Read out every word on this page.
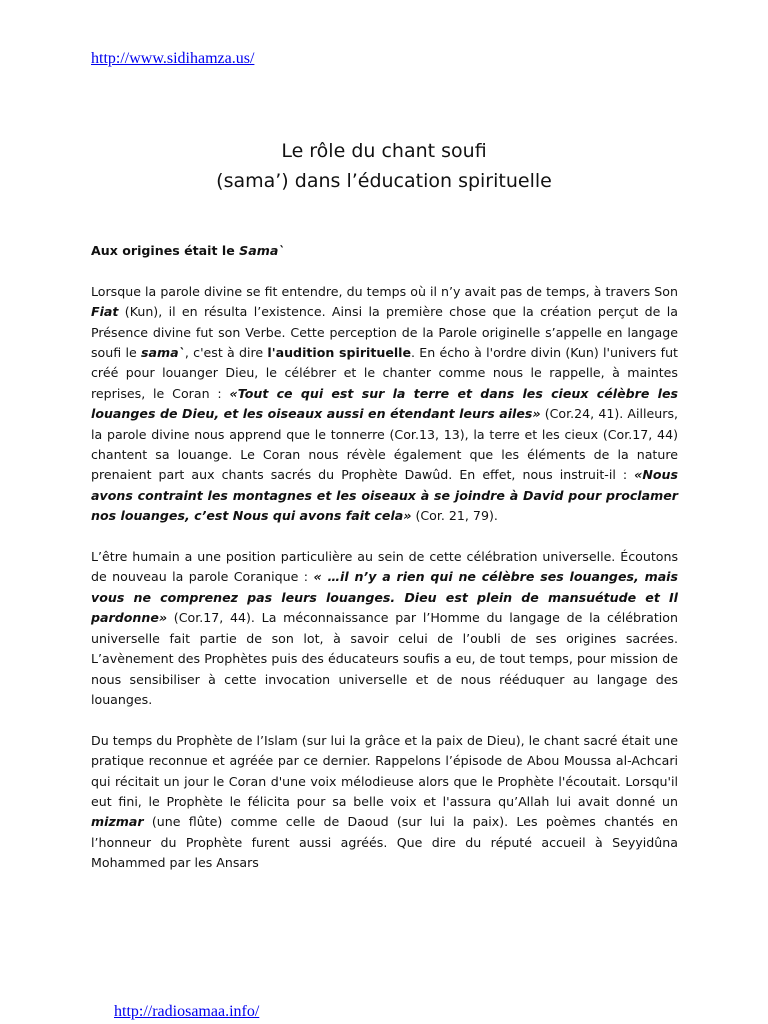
http://www.sidihamza.us/
Le rôle du chant soufi
(sama’) dans l’éducation spirituelle
Aux origines était le Sama`

Lorsque la parole divine se fit entendre, du temps où il n’y avait pas de temps, à travers Son Fiat (Kun), il en résulta l’existence. Ainsi la première chose que la création perçut de la Présence divine fut son Verbe. Cette perception de la Parole originelle s’appelle en langage soufi le sama`, c'est à dire l'audition spirituelle. En écho à l'ordre divin (Kun) l'univers fut créé pour louanger Dieu, le célébrer et le chanter comme nous le rappelle, à maintes reprises, le Coran : «Tout ce qui est sur la terre et dans les cieux célèbre les louanges de Dieu, et les oiseaux aussi en étendant leurs ailes» (Cor.24, 41). Ailleurs, la parole divine nous apprend que le tonnerre (Cor.13, 13), la terre et les cieux (Cor.17, 44) chantent sa louange. Le Coran nous révèle également que les éléments de la nature prenaient part aux chants sacrés du Prophète Dawûd. En effet, nous instruit-il : «Nous avons contraint les montagnes et les oiseaux à se joindre à David pour proclamer nos louanges, c’est Nous qui avons fait cela» (Cor. 21, 79).

L’être humain a une position particulière au sein de cette célébration universelle. Écoutons de nouveau la parole Coranique : « …il n’y a rien qui ne célèbre ses louanges, mais vous ne comprenez pas leurs louanges. Dieu est plein de mansuétude et Il pardonne» (Cor.17, 44). La méconnaissance par l’Homme du langage de la célébration universelle fait partie de son lot, à savoir celui de l’oubli de ses origines sacrées. L’avènement des Prophètes puis des éducateurs soufis a eu, de tout temps, pour mission de nous sensibiliser à cette invocation universelle et de nous rééduquer au langage des louanges.

Du temps du Prophète de l’Islam (sur lui la grâce et la paix de Dieu), le chant sacré était une pratique reconnue et agréée par ce dernier. Rappelons l’épisode de Abou Moussa al-Achcari qui récitait un jour le Coran d'une voix mélodieuse alors que le Prophète l'écoutait. Lorsqu'il eut fini, le Prophète le félicita pour sa belle voix et l'assura qu’Allah lui avait donné un mizmar (une flûte) comme celle de Daoud (sur lui la paix). Les poèmes chantés en l’honneur du Prophète furent aussi agréés. Que dire du réputé accueil à Seyyidûna Mohammed par les Ansars

http://radiosamaa.info/
